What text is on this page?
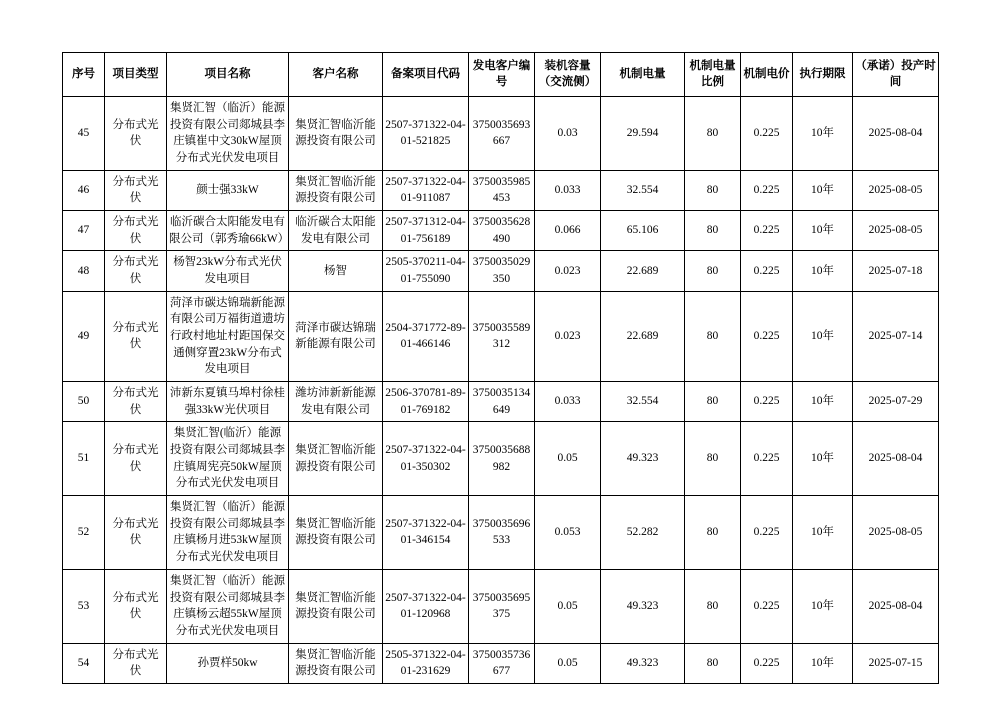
序号	项目类型	项目名称	客户名称	备案项目代码	发电客户编号	装机容量（交流侧）	机制电量	机制电量比例	机制电价	执行期限	（承诺）投产时间
45	分布式光伏	集贤汇智（临沂）能源投资有限公司郯城县李庄镇崔中文30kW屋顶分布式光伏发电项目	集贤汇智临沂能源投资有限公司	2507-371322-04-01-521825	3750035693667	0.03	29.594	80	0.225	10年	2025-08-04
46	分布式光伏	颜士强33kW	集贤汇智临沂能源投资有限公司	2507-371322-04-01-911087	3750035985453	0.033	32.554	80	0.225	10年	2025-08-05
47	分布式光伏	临沂碳合太阳能发电有限公司（郭秀瑜66kW）	临沂碳合太阳能发电有限公司	2507-371312-04-01-756189	3750035628490	0.066	65.106	80	0.225	10年	2025-08-05
48	分布式光伏	杨智23kW分布式光伏发电项目	杨智	2505-370211-04-01-755090	3750035029350	0.023	22.689	80	0.225	10年	2025-07-18
49	分布式光伏	菏泽市碳达锦瑞新能源有限公司万福街道遗坊行政村地址村距国保交通侧穿置23kW分布式发电项目	菏泽市碳达锦瑞新能源有限公司	2504-371772-89-01-466146	3750035589312	0.023	22.689	80	0.225	10年	2025-07-14
50	分布式光伏	沛新东夏镇马埠村徐桂强33kW光伏项目	潍坊沛新新能源发电有限公司	2506-370781-89-01-769182	3750035134649	0.033	32.554	80	0.225	10年	2025-07-29
51	分布式光伏	集贤汇智(临沂）能源投资有限公司郯城县李庄镇周宪亮50kW屋顶分布式光伏发电项目	集贤汇智临沂能源投资有限公司	2507-371322-04-01-350302	3750035688982	0.05	49.323	80	0.225	10年	2025-08-04
52	分布式光伏	集贤汇智（临沂）能源投资有限公司郯城县李庄镇杨月进53kW屋顶分布式光伏发电项目	集贤汇智临沂能源投资有限公司	2507-371322-04-01-346154	3750035696533	0.053	52.282	80	0.225	10年	2025-08-05
53	分布式光伏	集贤汇智（临沂）能源投资有限公司郯城县李庄镇杨云超55kW屋顶分布式光伏发电项目	集贤汇智临沂能源投资有限公司	2507-371322-04-01-120968	3750035695375	0.05	49.323	80	0.225	10年	2025-08-04
54	分布式光伏	孙贾样50kw	集贤汇智临沂能源投资有限公司	2505-371322-04-01-231629	3750035736677	0.05	49.323	80	0.225	10年	2025-07-15
